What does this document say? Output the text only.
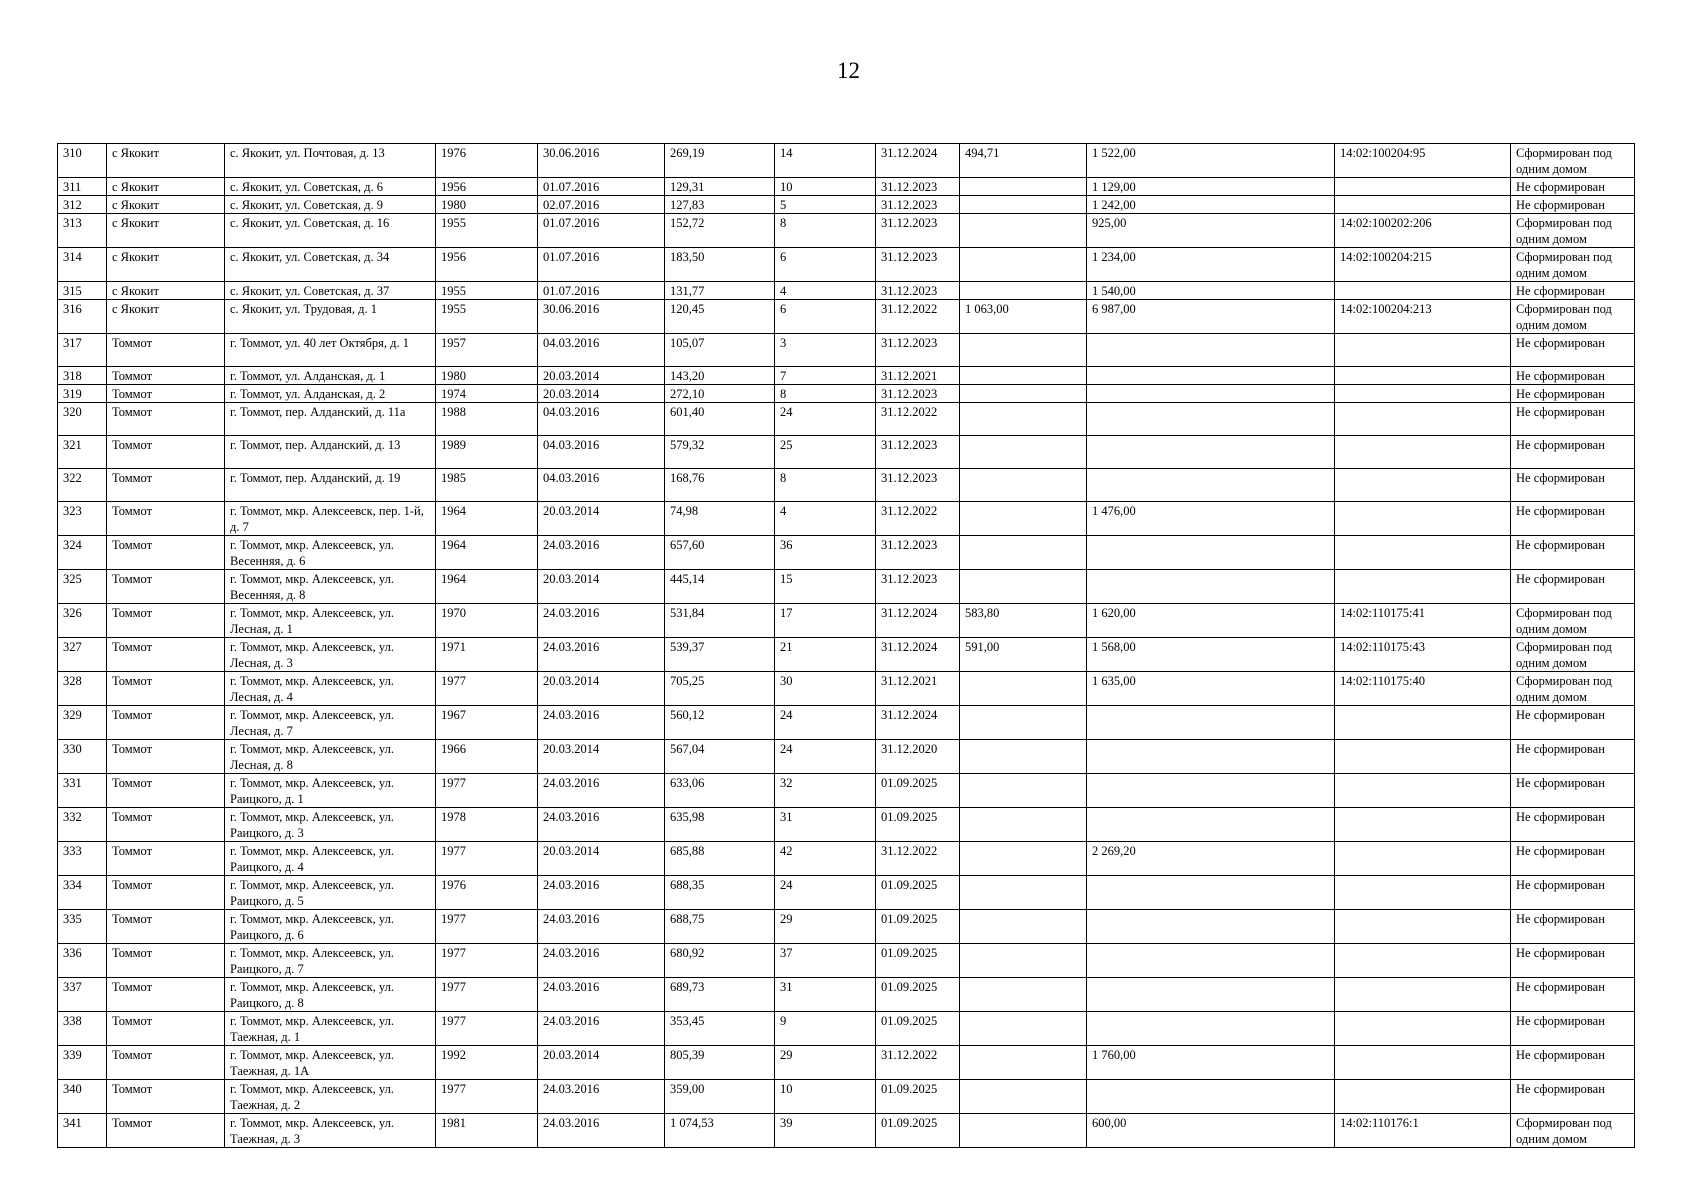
12
310	с Якокит	с. Якокит, ул. Почтовая, д. 13	1976	30.06.2016	269,19	14	31.12.2024	494,71	1 522,00	14:02:100204:95	Сформирован под одним домом
311	с Якокит	с. Якокит, ул. Советская, д. 6	1956	01.07.2016	129,31	10	31.12.2023		1 129,00		Не сформирован
312	с Якокит	с. Якокит, ул. Советская, д. 9	1980	02.07.2016	127,83	5	31.12.2023		1 242,00		Не сформирован
313	с Якокит	с. Якокит, ул. Советская, д. 16	1955	01.07.2016	152,72	8	31.12.2023		925,00	14:02:100202:206	Сформирован под одним домом
314	с Якокит	с. Якокит, ул. Советская, д. 34	1956	01.07.2016	183,50	6	31.12.2023		1 234,00	14:02:100204:215	Сформирован под одним домом
315	с Якокит	с. Якокит, ул. Советская, д. 37	1955	01.07.2016	131,77	4	31.12.2023		1 540,00		Не сформирован
316	с Якокит	с. Якокит, ул. Трудовая, д. 1	1955	30.06.2016	120,45	6	31.12.2022	1 063,00	6 987,00	14:02:100204:213	Сформирован под одним домом
317	Томмот	г. Томмот, ул. 40 лет Октября, д. 1	1957	04.03.2016	105,07	3	31.12.2023				Не сформирован
318	Томмот	г. Томмот, ул. Алданская, д. 1	1980	20.03.2014	143,20	7	31.12.2021				Не сформирован
319	Томмот	г. Томмот, ул. Алданская, д. 2	1974	20.03.2014	272,10	8	31.12.2023				Не сформирован
320	Томмот	г. Томмот, пер. Алданский, д. 11а	1988	04.03.2016	601,40	24	31.12.2022				Не сформирован
321	Томмот	г. Томмот, пер. Алданский, д. 13	1989	04.03.2016	579,32	25	31.12.2023				Не сформирован
322	Томмот	г. Томмот, пер. Алданский, д. 19	1985	04.03.2016	168,76	8	31.12.2023				Не сформирован
323	Томмот	г. Томмот, мкр. Алексеевск, пер. 1-й, д. 7	1964	20.03.2014	74,98	4	31.12.2022		1 476,00		Не сформирован
324	Томмот	г. Томмот, мкр. Алексеевск, ул. Весенняя, д. 6	1964	24.03.2016	657,60	36	31.12.2023				Не сформирован
325	Томмот	г. Томмот, мкр. Алексеевск, ул. Весенняя, д. 8	1964	20.03.2014	445,14	15	31.12.2023				Не сформирован
326	Томмот	г. Томмот, мкр. Алексеевск, ул. Лесная, д. 1	1970	24.03.2016	531,84	17	31.12.2024	583,80	1 620,00	14:02:110175:41	Сформирован под одним домом
327	Томмот	г. Томмот, мкр. Алексеевск, ул. Лесная, д. 3	1971	24.03.2016	539,37	21	31.12.2024	591,00	1 568,00	14:02:110175:43	Сформирован под одним домом
328	Томмот	г. Томмот, мкр. Алексеевск, ул. Лесная, д. 4	1977	20.03.2014	705,25	30	31.12.2021		1 635,00	14:02:110175:40	Сформирован под одним домом
329	Томмот	г. Томмот, мкр. Алексеевск, ул. Лесная, д. 7	1967	24.03.2016	560,12	24	31.12.2024				Не сформирован
330	Томмот	г. Томмот, мкр. Алексеевск, ул. Лесная, д. 8	1966	20.03.2014	567,04	24	31.12.2020				Не сформирован
331	Томмот	г. Томмот, мкр. Алексеевск, ул. Раицкого, д. 1	1977	24.03.2016	633,06	32	01.09.2025				Не сформирован
332	Томмот	г. Томмот, мкр. Алексеевск, ул. Раицкого, д. 3	1978	24.03.2016	635,98	31	01.09.2025				Не сформирован
333	Томмот	г. Томмот, мкр. Алексеевск, ул. Раицкого, д. 4	1977	20.03.2014	685,88	42	31.12.2022		2 269,20		Не сформирован
334	Томмот	г. Томмот, мкр. Алексеевск, ул. Раицкого, д. 5	1976	24.03.2016	688,35	24	01.09.2025				Не сформирован
335	Томмот	г. Томмот, мкр. Алексеевск, ул. Раицкого, д. 6	1977	24.03.2016	688,75	29	01.09.2025				Не сформирован
336	Томмот	г. Томмот, мкр. Алексеевск, ул. Раицкого, д. 7	1977	24.03.2016	680,92	37	01.09.2025				Не сформирован
337	Томмот	г. Томмот, мкр. Алексеевск, ул. Раицкого, д. 8	1977	24.03.2016	689,73	31	01.09.2025				Не сформирован
338	Томмот	г. Томмот, мкр. Алексеевск, ул. Таежная, д. 1	1977	24.03.2016	353,45	9	01.09.2025				Не сформирован
339	Томмот	г. Томмот, мкр. Алексеевск, ул. Таежная, д. 1А	1992	20.03.2014	805,39	29	31.12.2022		1 760,00		Не сформирован
340	Томмот	г. Томмот, мкр. Алексеевск, ул. Таежная, д. 2	1977	24.03.2016	359,00	10	01.09.2025				Не сформирован
341	Томмот	г. Томмот, мкр. Алексеевск, ул. Таежная, д. 3	1981	24.03.2016	1 074,53	39	01.09.2025		600,00	14:02:110176:1	Сформирован под одним домом
